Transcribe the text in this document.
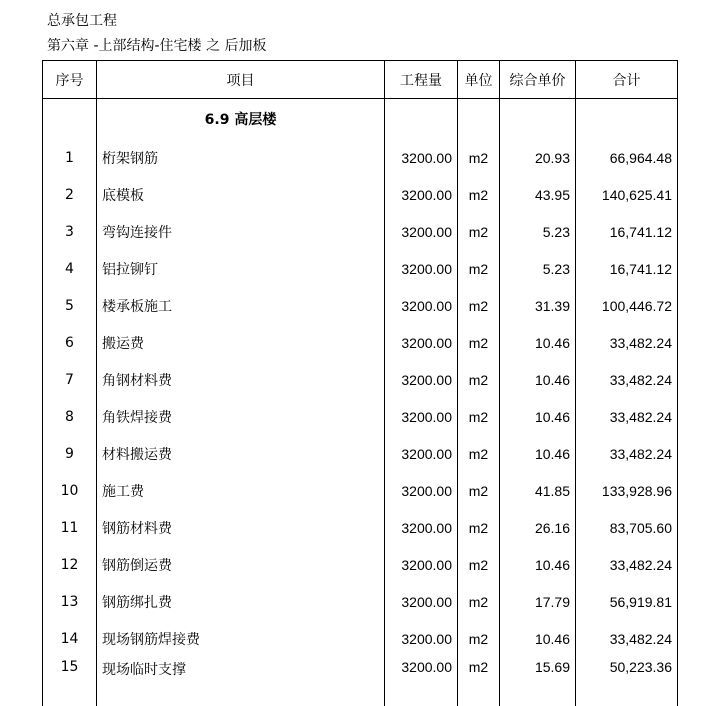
总承包工程
第六章 -上部结构-住宅楼 之 后加板
序号	项目	工程量	单位	综合单价	合计
	6.9 高层楼				
1	桁架钢筋	3200.00	m2	20.93	66,964.48
2	底模板	3200.00	m2	43.95	140,625.41
3	弯钩连接件	3200.00	m2	5.23	16,741.12
4	铝拉铆钉	3200.00	m2	5.23	16,741.12
5	楼承板施工	3200.00	m2	31.39	100,446.72
6	搬运费	3200.00	m2	10.46	33,482.24
7	角钢材料费	3200.00	m2	10.46	33,482.24
8	角铁焊接费	3200.00	m2	10.46	33,482.24
9	材料搬运费	3200.00	m2	10.46	33,482.24
10	施工费	3200.00	m2	41.85	133,928.96
11	钢筋材料费	3200.00	m2	26.16	83,705.60
12	钢筋倒运费	3200.00	m2	10.46	33,482.24
13	钢筋绑扎费	3200.00	m2	17.79	56,919.81
14	现场钢筋焊接费	3200.00	m2	10.46	33,482.24
15	现场临时支撑	3200.00	m2	15.69	50,223.36
